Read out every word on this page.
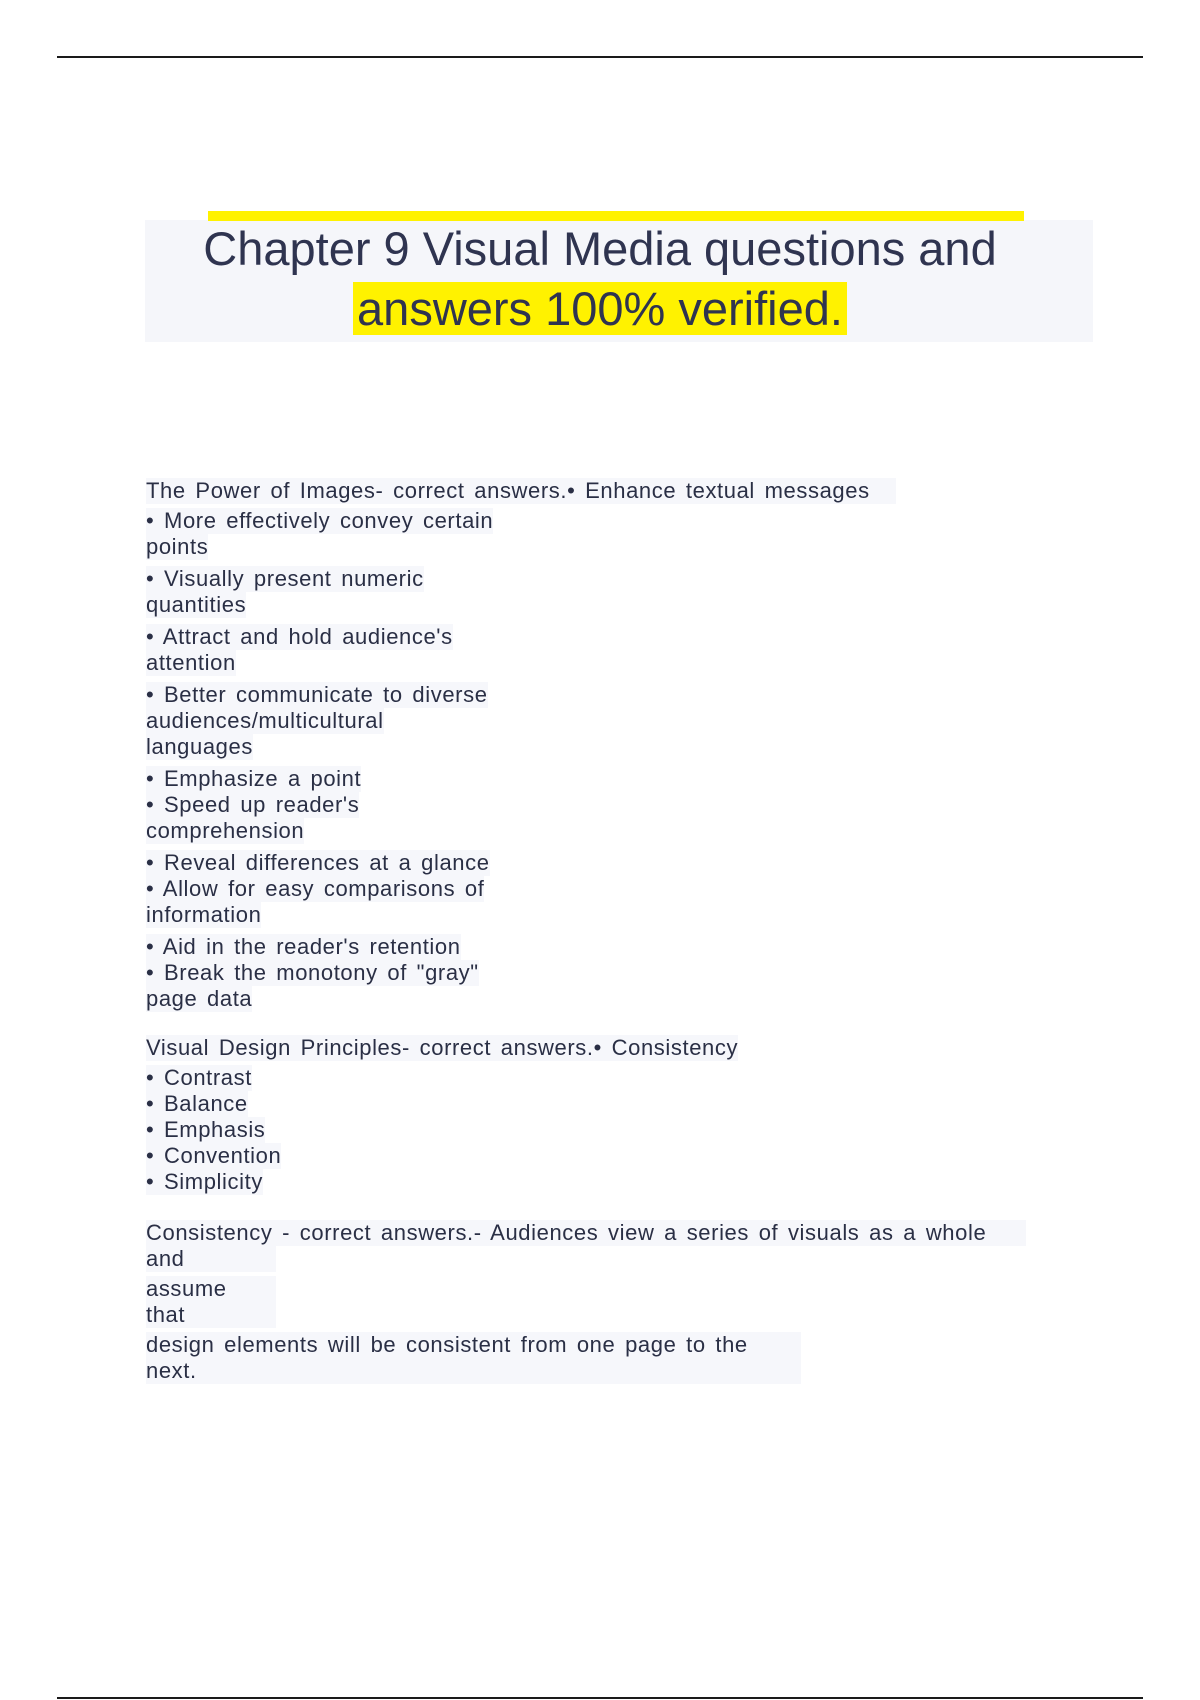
Chapter 9 Visual Media questions and
answers 100% verified.
The Power of Images- correct answers.• Enhance textual messages
• More effectively convey certain
points
• Visually present numeric
quantities
• Attract and hold audience's
attention
• Better communicate to diverse
audiences/multicultural
languages
• Emphasize a point
• Speed up reader's
comprehension
• Reveal differences at a glance
• Allow for easy comparisons of
information
• Aid in the reader's retention
• Break the monotony of "gray"
page data
Visual Design Principles- correct answers.• Consistency
• Contrast
• Balance
• Emphasis
• Convention
• Simplicity
Consistency - correct answers.- Audiences view a series of visuals as a whole
and
assume
that
design elements will be consistent from one page to the
next.
